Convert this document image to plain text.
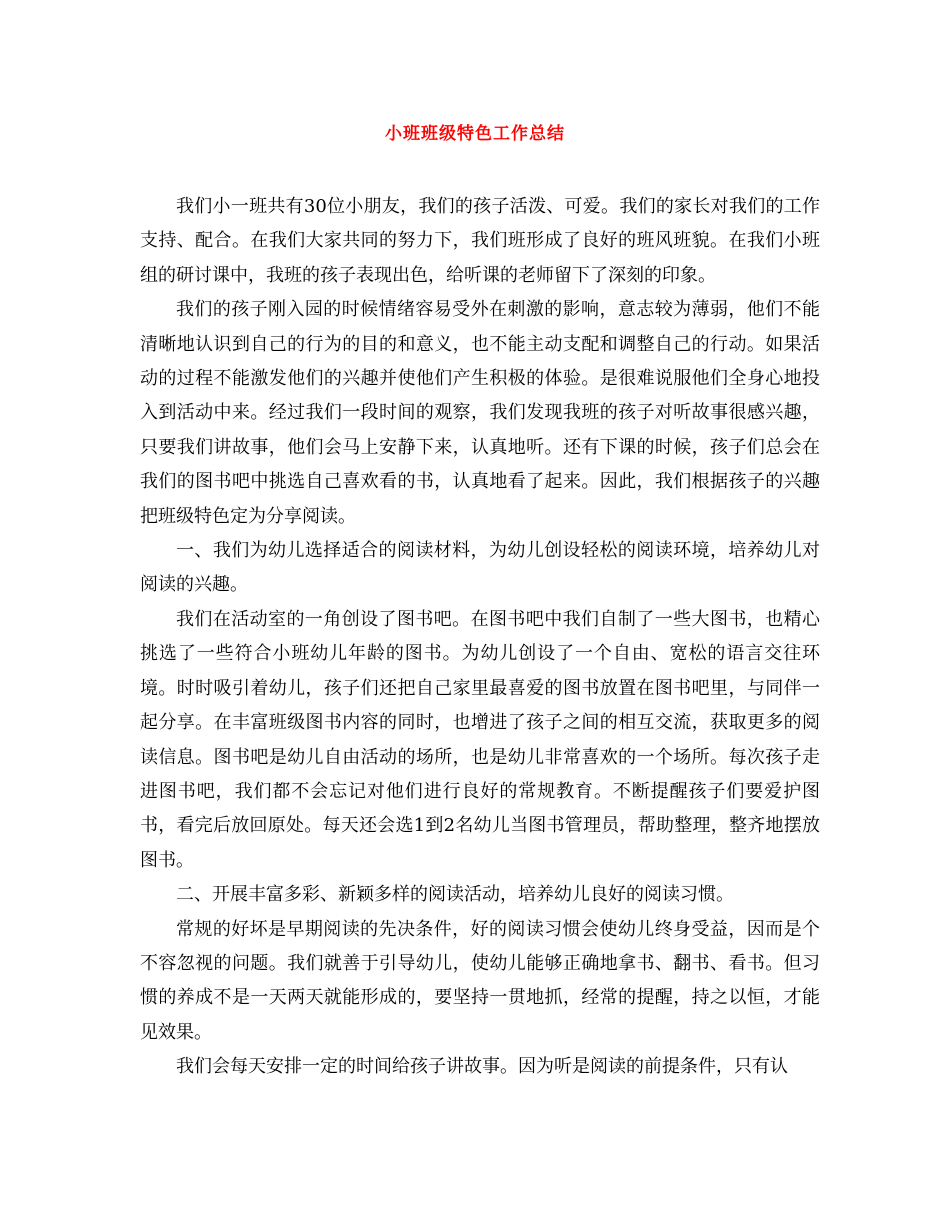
小班班级特色工作总结

我们小一班共有30位小朋友，我们的孩子活泼、可爱。我们的家长对我们的工作支持、配合。在我们大家共同的努力下，我们班形成了良好的班风班貌。在我们小班组的研讨课中，我班的孩子表现出色，给听课的老师留下了深刻的印象。

我们的孩子刚入园的时候情绪容易受外在刺激的影响，意志较为薄弱，他们不能清晰地认识到自己的行为的目的和意义，也不能主动支配和调整自己的行动。如果活动的过程不能激发他们的兴趣并使他们产生积极的体验。是很难说服他们全身心地投入到活动中来。经过我们一段时间的观察，我们发现我班的孩子对听故事很感兴趣，只要我们讲故事，他们会马上安静下来，认真地听。还有下课的时候，孩子们总会在我们的图书吧中挑选自己喜欢看的书，认真地看了起来。因此，我们根据孩子的兴趣把班级特色定为分享阅读。

一、我们为幼儿选择适合的阅读材料，为幼儿创设轻松的阅读环境，培养幼儿对阅读的兴趣。

我们在活动室的一角创设了图书吧。在图书吧中我们自制了一些大图书，也精心挑选了一些符合小班幼儿年龄的图书。为幼儿创设了一个自由、宽松的语言交往环境。时时吸引着幼儿，孩子们还把自己家里最喜爱的图书放置在图书吧里，与同伴一起分享。在丰富班级图书内容的同时，也增进了孩子之间的相互交流，获取更多的阅读信息。图书吧是幼儿自由活动的场所，也是幼儿非常喜欢的一个场所。每次孩子走进图书吧，我们都不会忘记对他们进行良好的常规教育。不断提醒孩子们要爱护图书，看完后放回原处。每天还会选1到2名幼儿当图书管理员，帮助整理，整齐地摆放图书。

二、开展丰富多彩、新颖多样的阅读活动，培养幼儿良好的阅读习惯。

常规的好坏是早期阅读的先决条件，好的阅读习惯会使幼儿终身受益，因而是个不容忽视的问题。我们就善于引导幼儿，使幼儿能够正确地拿书、翻书、看书。但习惯的养成不是一天两天就能形成的，要坚持一贯地抓，经常的提醒，持之以恒，才能见效果。

我们会每天安排一定的时间给孩子讲故事。因为听是阅读的前提条件，只有认
